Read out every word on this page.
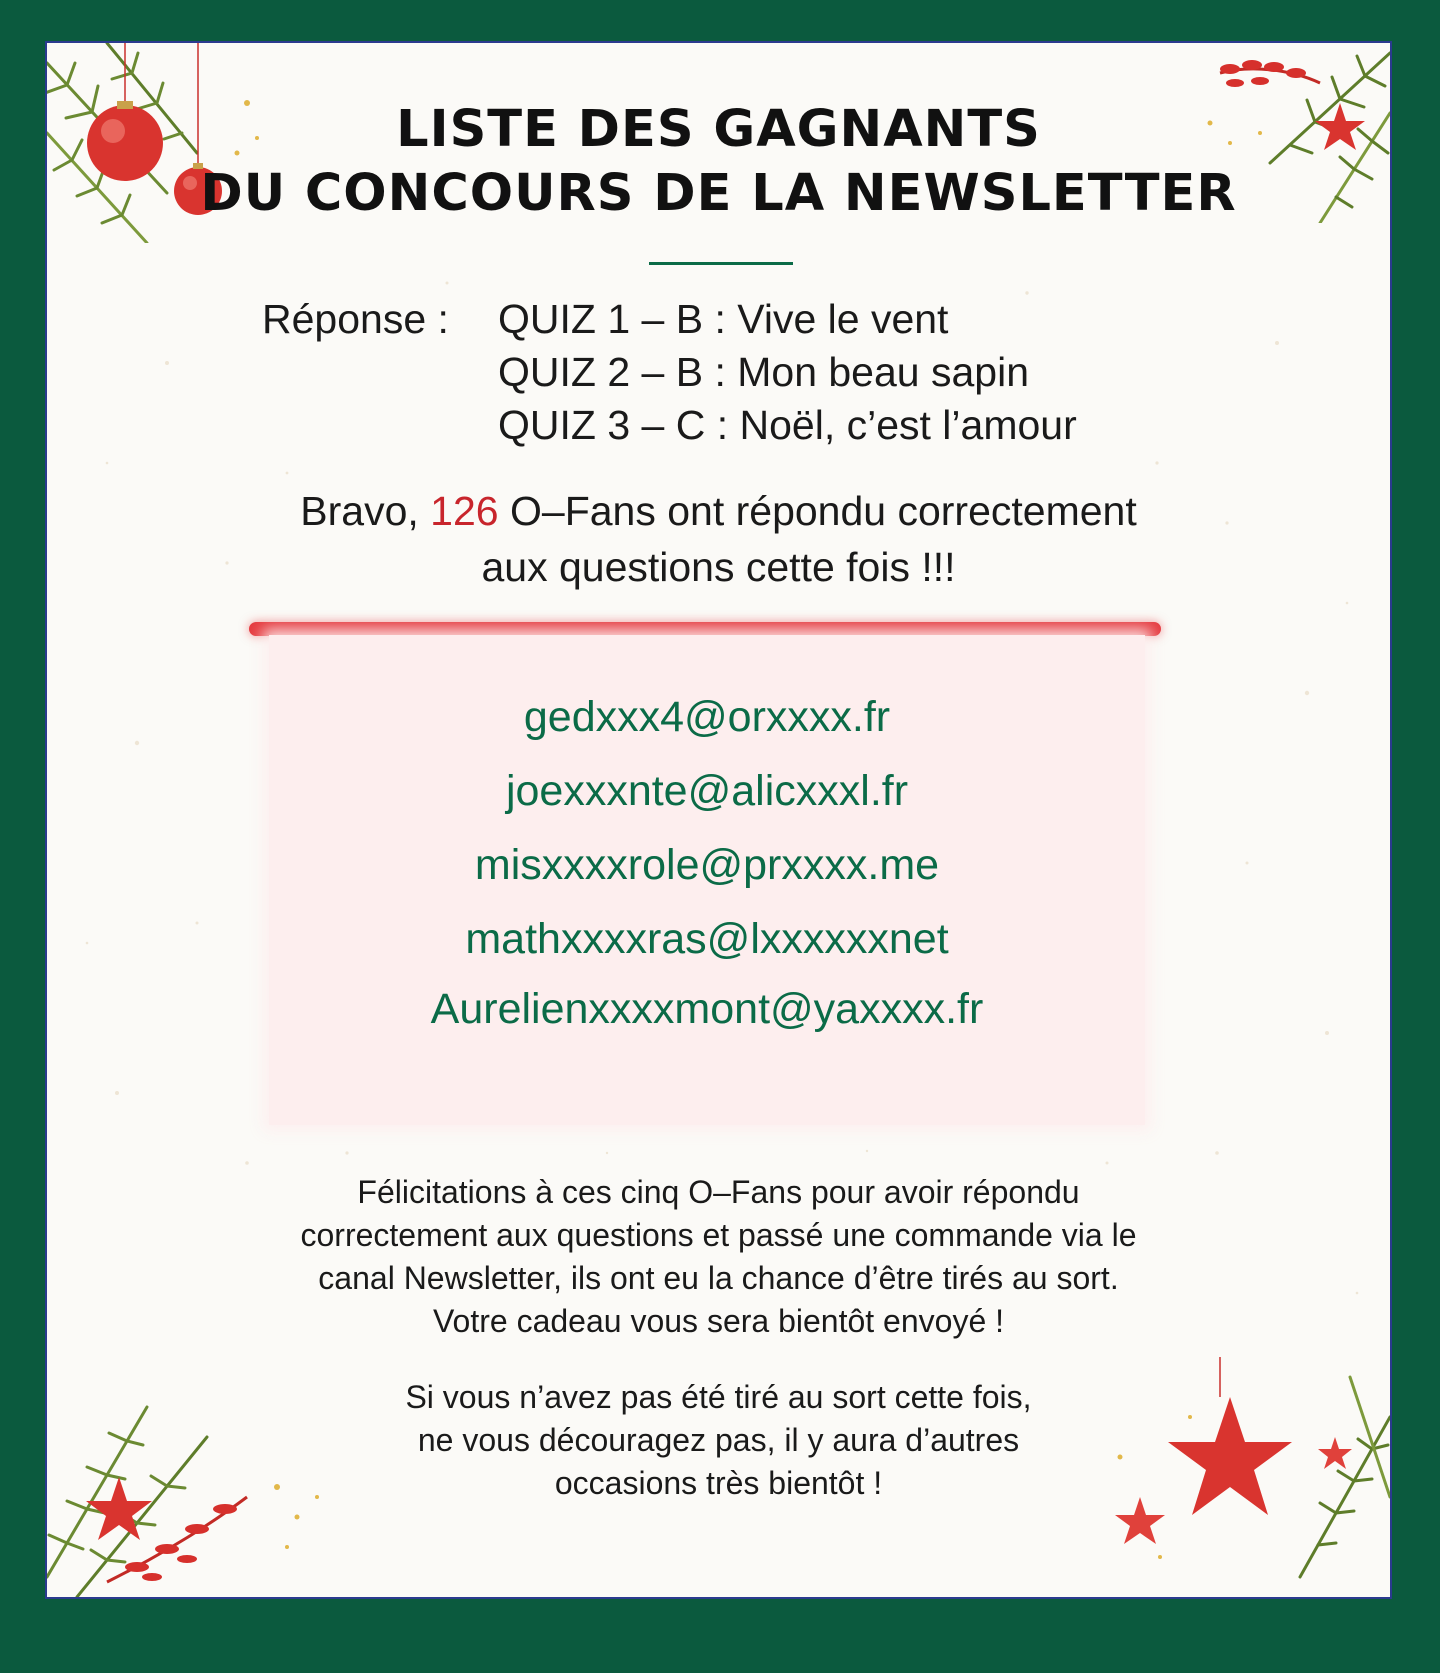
LISTE DES GAGNANTS
DU CONCOURS DE LA NEWSLETTER
Réponse : QUIZ 1 – B : Vive le vent
QUIZ 2 – B : Mon beau sapin
QUIZ 3 – C : Noël, c’est l’amour
Bravo, 126 O–Fans ont répondu correctement
aux questions cette fois !!!
gedxxx4@orxxxx.fr
joexxxnte@alicxxxl.fr
misxxxxrole@prxxxx.me
mathxxxxras@lxxxxxxnet
Aurelienxxxxmont@yaxxxx.fr
Félicitations à ces cinq O–Fans pour avoir répondu
correctement aux questions et passé une commande via le
canal Newsletter, ils ont eu la chance d’être tirés au sort.
Votre cadeau vous sera bientôt envoyé !
Si vous n’avez pas été tiré au sort cette fois,
ne vous découragez pas, il y aura d’autres
occasions très bientôt !
